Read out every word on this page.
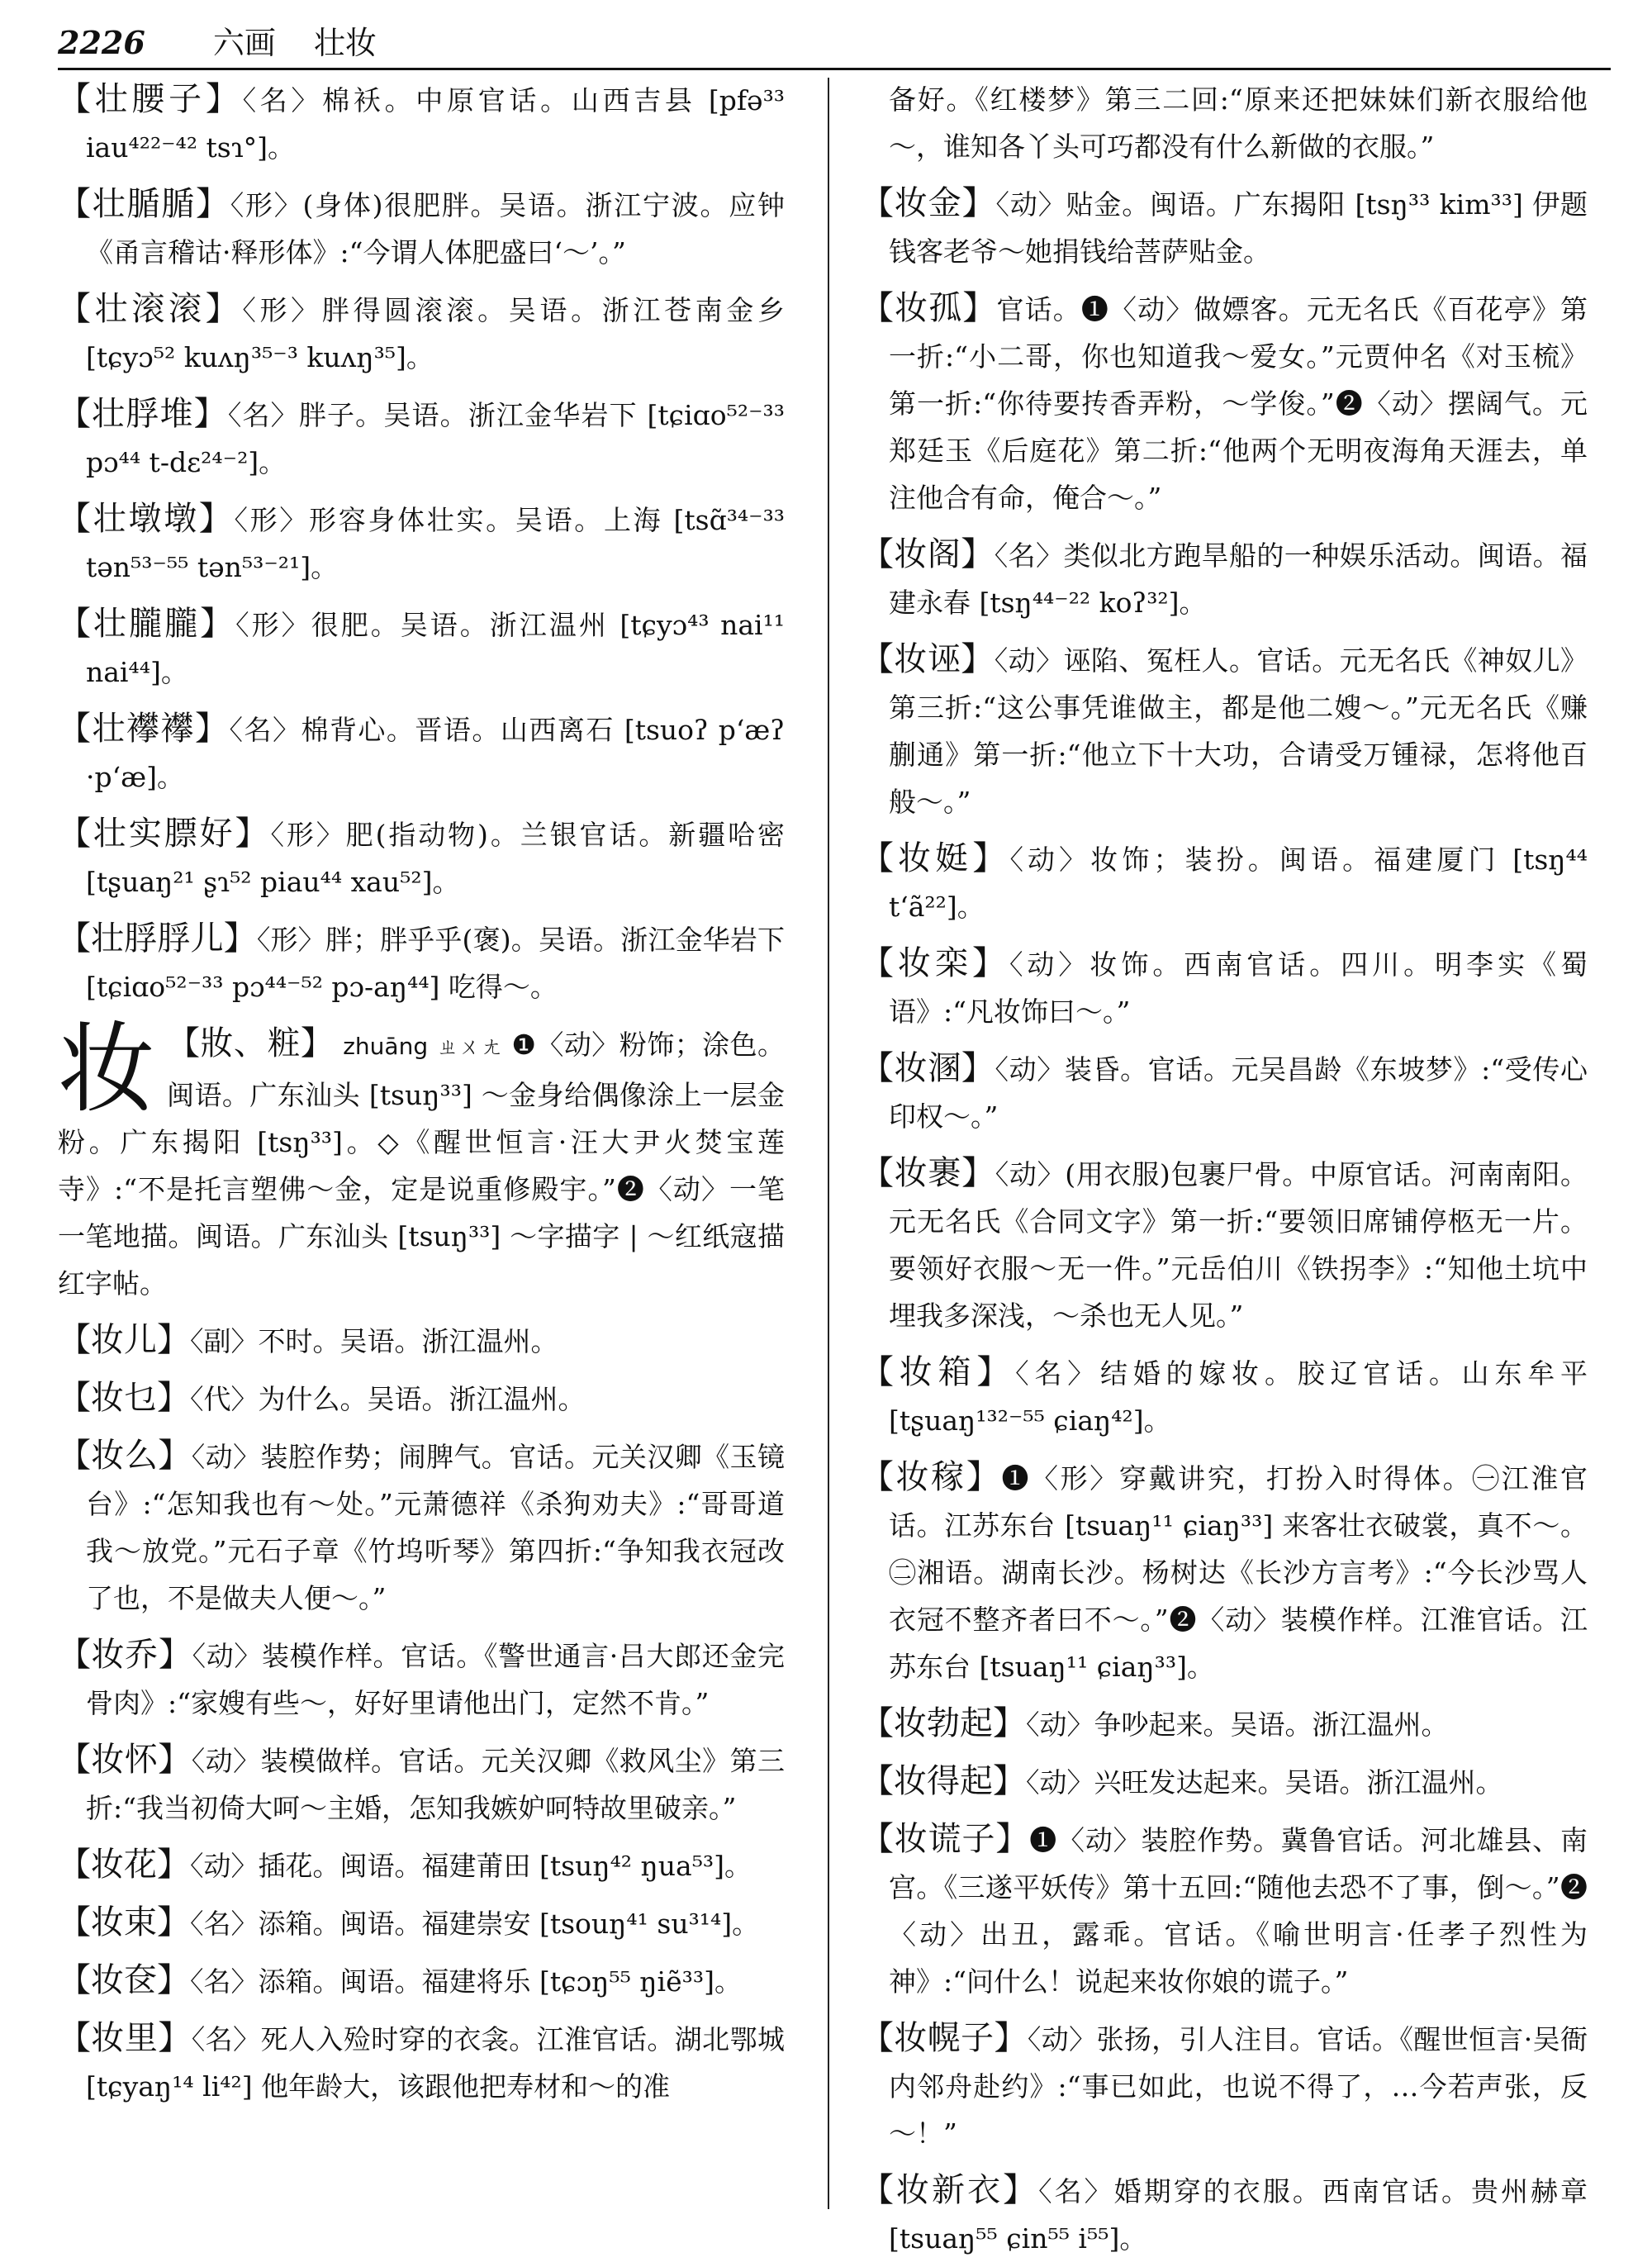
2226 六画 壮妆
【 壮腰子 】 〈名〉棉袄。中原官话。山西吉县 [pfə³³ iau⁴²²⁻⁴² tsɿ°]。
【 壮腯腯 】 〈形〉(身体)很肥胖。吴语。浙江宁波。应钟《甬言稽诂·释形体》:“今谓人体肥盛曰‘～’。”
【 壮滚滚 】 〈形〉胖得圆滚滚。吴语。浙江苍南金乡 [tɕyɔ⁵² kuʌŋ³⁵⁻³ kuʌŋ³⁵]。
【 壮脬堆 】 〈名〉胖子。吴语。浙江金华岩下 [tɕiɑo⁵²⁻³³ pɔ⁴⁴ t-dɛ²⁴⁻²]。
【 壮墩墩 】 〈形〉形容身体壮实。吴语。上海 [tsɑ̃³⁴⁻³³ tən⁵³⁻⁵⁵ tən⁵³⁻²¹]。
【 壮朧朧 】 〈形〉很肥。吴语。浙江温州 [tɕyɔ⁴³ nai¹¹ nai⁴⁴]。
【 壮襻襻 】 〈名〉棉背心。晋语。山西离石 [tsuoʔ pʻæʔ ·pʻæ]。
【 壮实膘好 】 〈形〉肥(指动物)。兰银官话。新疆哈密 [tʂuaŋ²¹ ʂɿ⁵² piau⁴⁴ xau⁵²]。
【 壮脬脬儿 】 〈形〉胖；胖乎乎(褒)。吴语。浙江金华岩下 [tɕiɑo⁵²⁻³³ pɔ⁴⁴⁻⁵² pɔ-aŋ⁴⁴] 吃得～。
妆 【妝、粧】 zhuāng ㄓㄨㄤ ❶〈动〉粉饰；涂色。闽语。广东汕头 [tsuŋ³³] ～金身给偶像涂上一层金粉。广东揭阳 [tsŋ³³]。◇《醒世恒言·汪大尹火焚宝莲寺》:“不是托言塑佛～金，定是说重修殿宇。”❷〈动〉一笔一笔地描。闽语。广东汕头 [tsuŋ³³] ～字描字 | ～红纸寇描红字帖。
【 妆儿 】 〈副〉不时。吴语。浙江温州。
【 妆乜 】 〈代〉为什么。吴语。浙江温州。
【 妆么 】 〈动〉装腔作势；闹脾气。官话。元关汉卿《玉镜台》:“怎知我也有～处。”元萧德祥《杀狗劝夫》:“哥哥道我～放党。”元石子章《竹坞听琴》第四折:“争知我衣冠改了也，不是做夫人便～。”
【 妆乔 】 〈动〉装模作样。官话。《警世通言·吕大郎还金完骨肉》:“家嫂有些～，好好里请他出门，定然不肯。”
【 妆怀 】 〈动〉装模做样。官话。元关汉卿《救风尘》第三折:“我当初倚大呵～主婚，怎知我嫉妒呵特故里破亲。”
【 妆花 】 〈动〉插花。闽语。福建莆田 [tsuŋ⁴² ŋua⁵³]。
【 妆束 】 〈名〉添箱。闽语。福建崇安 [tsouŋ⁴¹ su³¹⁴]。
【 妆奁 】 〈名〉添箱。闽语。福建将乐 [tɕɔŋ⁵⁵ ŋiẽ³³]。
【 妆里 】 〈名〉死人入殓时穿的衣衾。江淮官话。湖北鄂城 [tɕyaŋ¹⁴ li⁴²] 他年龄大，该跟他把寿材和～的准
备好。《红楼梦》第三二回:“原来还把妹妹们新衣服给他～，谁知各丫头可巧都没有什么新做的衣服。”
【 妆金 】 〈动〉贴金。闽语。广东揭阳 [tsŋ³³ kim³³] 伊题钱客老爷～她捐钱给菩萨贴金。
【 妆孤 】 官话。❶〈动〉做嫖客。元无名氏《百花亭》第一折:“小二哥，你也知道我～爱女。”元贾仲名《对玉梳》第一折:“你待要抟香弄粉，～学俊。”❷〈动〉摆阔气。元郑廷玉《后庭花》第二折:“他两个无明夜海角天涯去，单注他合有命，俺合～。”
【 妆阁 】 〈名〉类似北方跑旱船的一种娱乐活动。闽语。福建永春 [tsŋ⁴⁴⁻²² koʔ³²]。
【 妆诬 】 〈动〉诬陷、冤枉人。官话。元无名氏《神奴儿》第三折:“这公事凭谁做主，都是他二嫂～。”元无名氏《赚蒯通》第一折:“他立下十大功，合请受万锺禄，怎将他百般～。”
【 妆娗 】 〈动〉妆饰；装扮。闽语。福建厦门 [tsŋ⁴⁴ tʻã²²]。
【 妆栾 】 〈动〉妆饰。西南官话。四川。明李实《蜀语》:“凡妆饰曰～。”
【 妆溷 】 〈动〉装昏。官话。元吴昌龄《东坡梦》:“受传心印权～。”
【 妆裹 】 〈动〉(用衣服)包裹尸骨。中原官话。河南南阳。元无名氏《合同文字》第一折:“要领旧席铺停柩无一片。要领好衣服～无一件。”元岳伯川《铁拐李》:“知他土坑中埋我多深浅，～杀也无人见。”
【 妆箱 】 〈名〉结婚的嫁妆。胶辽官话。山东牟平 [tʂuaŋ¹³²⁻⁵⁵ ɕiaŋ⁴²]。
【 妆稼 】 ❶〈形〉穿戴讲究，打扮入时得体。㊀江淮官话。江苏东台 [tsuaŋ¹¹ ɕiaŋ³³] 来客壮衣破裳，真不～。㊁湘语。湖南长沙。杨树达《长沙方言考》:“今长沙骂人衣冠不整齐者曰不～。”❷〈动〉装模作样。江淮官话。江苏东台 [tsuaŋ¹¹ ɕiaŋ³³]。
【 妆勃起 】 〈动〉争吵起来。吴语。浙江温州。
【 妆得起 】 〈动〉兴旺发达起来。吴语。浙江温州。
【 妆谎子 】 ❶〈动〉装腔作势。冀鲁官话。河北雄县、南宫。《三遂平妖传》第十五回:“随他去恐不了事，倒～。”❷〈动〉出丑，露乖。官话。《喻世明言·任孝子烈性为神》:“问什么！说起来妆你娘的谎子。”
【 妆幌子 】 〈动〉张扬，引人注目。官话。《醒世恒言·吴衙内邻舟赴约》:“事已如此，也说不得了，…今若声张，反～！”
【 妆新衣 】 〈名〉婚期穿的衣服。西南官话。贵州赫章 [tsuaŋ⁵⁵ ɕin⁵⁵ i⁵⁵]。
